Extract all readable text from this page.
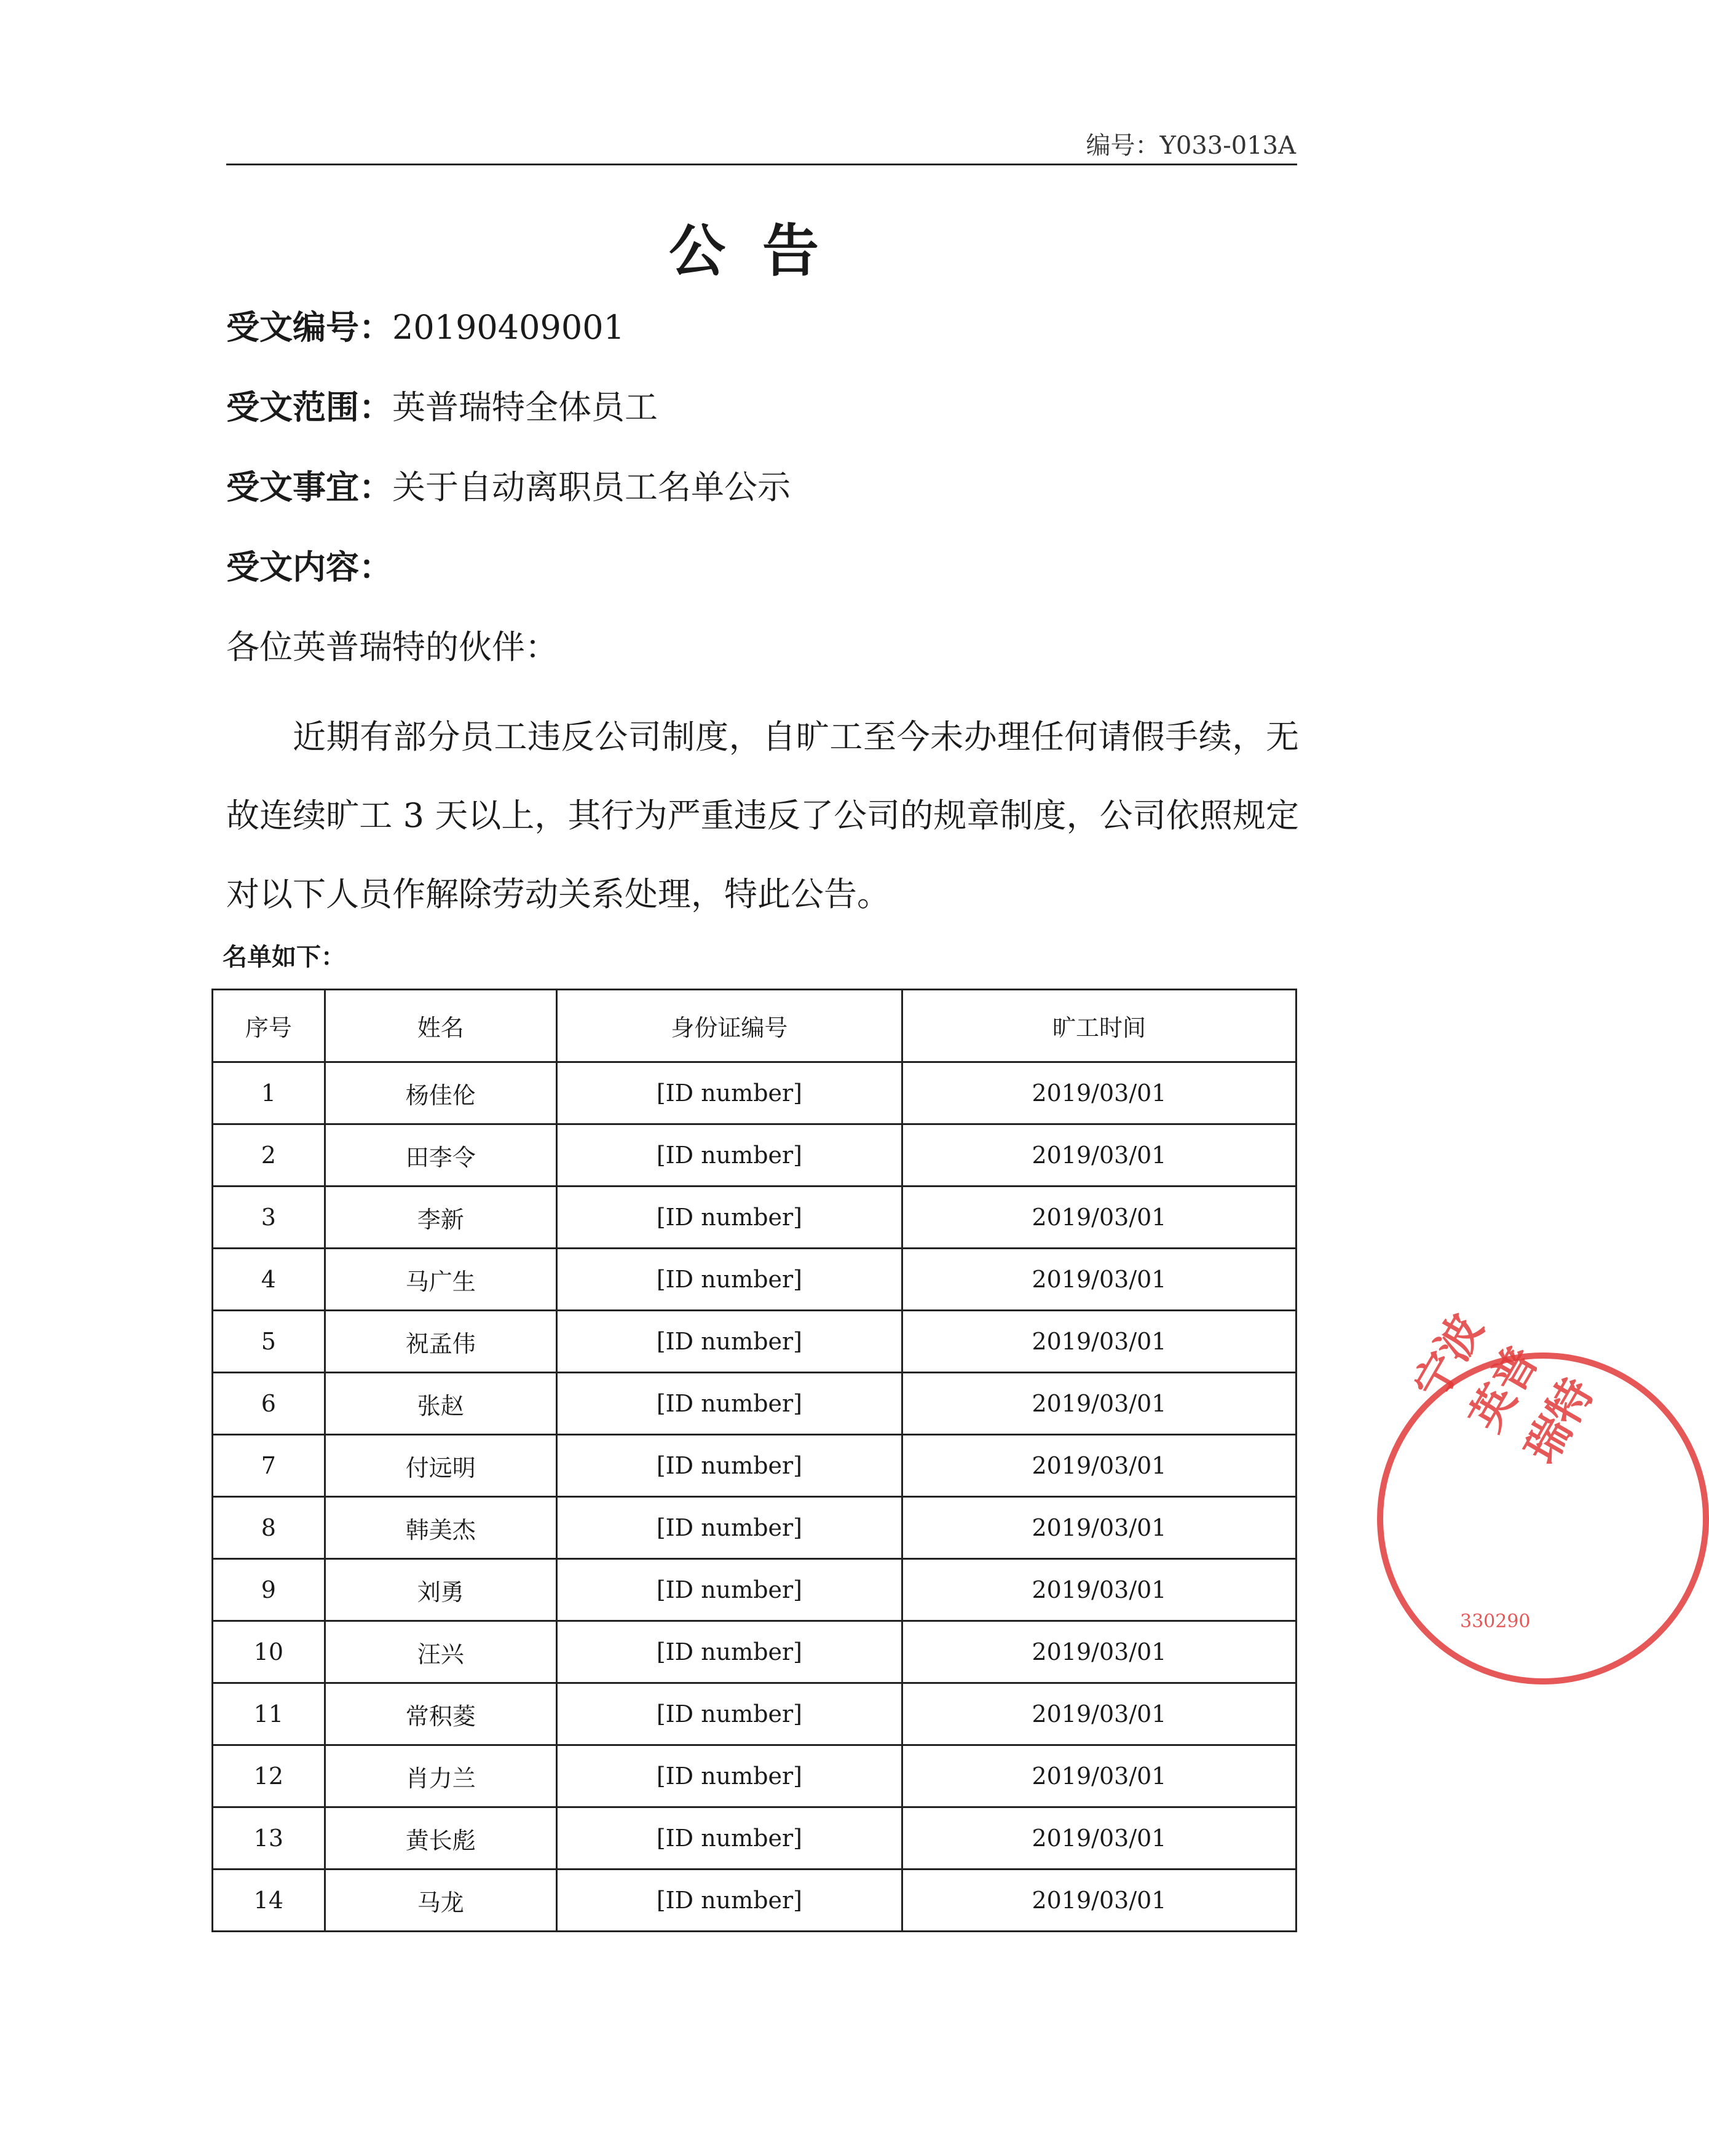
编号：Y033-013A
公告
受文编号：20190409001
受文范围：英普瑞特全体员工
受文事宜：关于自动离职员工名单公示
受文内容：
各位英普瑞特的伙伴：
近期有部分员工违反公司制度，自旷工至今未办理任何请假手续，无故连续旷工 3 天以上，其行为严重违反了公司的规章制度，公司依照规定对以下人员作解除劳动关系处理，特此公告。
名单如下：
序号	姓名	身份证编号	旷工时间
1	杨佳伦	[ID number]	2019/03/01
2	田李令	[ID number]	2019/03/01
3	李新	[ID number]	2019/03/01
4	马广生	[ID number]	2019/03/01
5	祝孟伟	[ID number]	2019/03/01
6	张赵	[ID number]	2019/03/01
7	付远明	[ID number]	2019/03/01
8	韩美杰	[ID number]	2019/03/01
9	刘勇	[ID number]	2019/03/01
10	汪兴	[ID number]	2019/03/01
11	常积菱	[ID number]	2019/03/01
12	肖力兰	[ID number]	2019/03/01
13	黄长彪	[ID number]	2019/03/01
14	马龙	[ID number]	2019/03/01
宁波英普瑞特
330290
